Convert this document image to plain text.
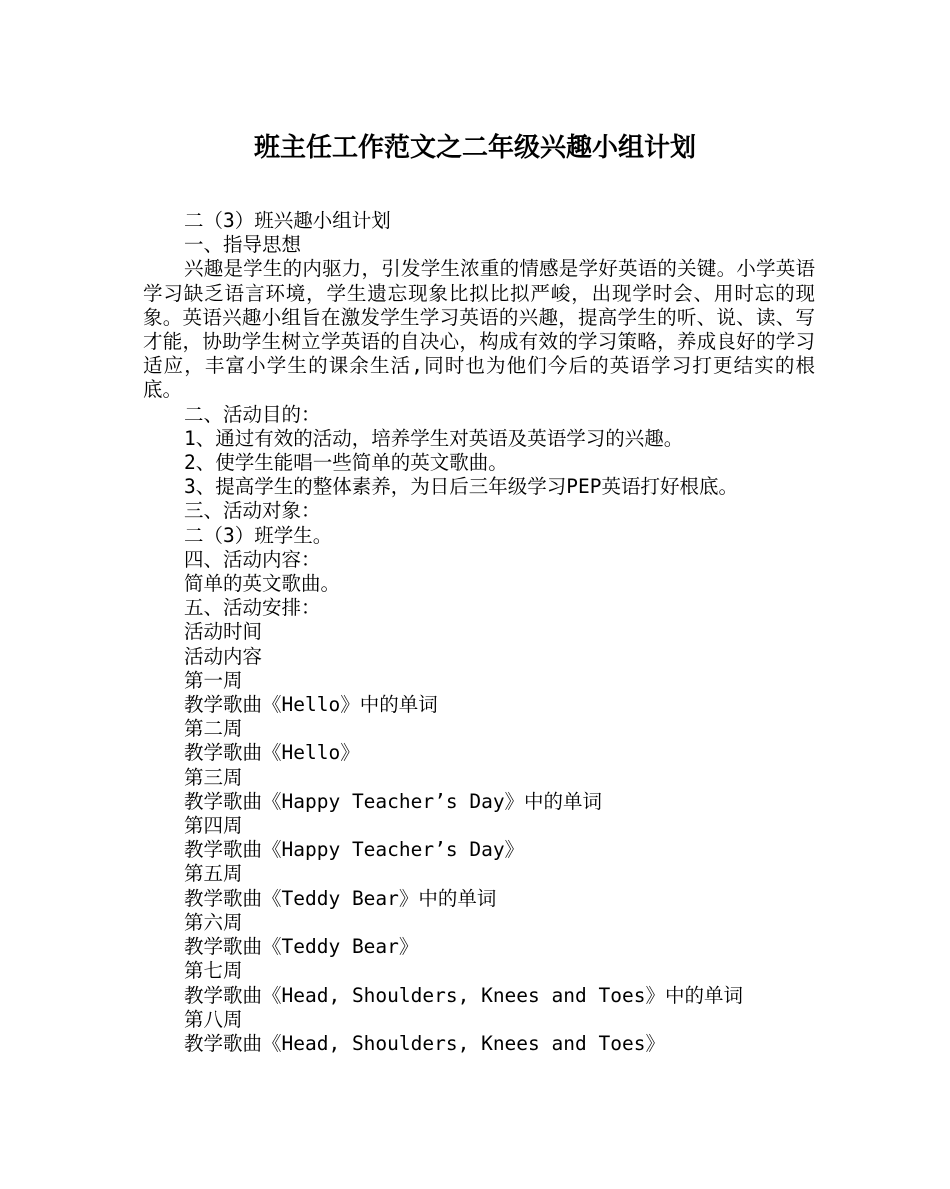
班主任工作范文之二年级兴趣小组计划

二（3）班兴趣小组计划

一、指导思想

兴趣是学生的内驱力，引发学生浓重的情感是学好英语的关键。小学英语学习缺乏语言环境，学生遗忘现象比拟比拟严峻，出现学时会、用时忘的现象。英语兴趣小组旨在激发学生学习英语的兴趣，提高学生的听、说、读、写才能，协助学生树立学英语的自决心，构成有效的学习策略，养成良好的学习适应，丰富小学生的课余生活,同时也为他们今后的英语学习打更结实的根底。

二、活动目的：

1、通过有效的活动，培养学生对英语及英语学习的兴趣。

2、使学生能唱一些简单的英文歌曲。

3、提高学生的整体素养，为日后三年级学习PEP英语打好根底。

三、活动对象：

二（3）班学生。

四、活动内容：

简单的英文歌曲。

五、活动安排：

活动时间

活动内容

第一周

教学歌曲《Hello》中的单词

第二周

教学歌曲《Hello》

第三周

教学歌曲《Happy Teacher’s Day》中的单词

第四周

教学歌曲《Happy Teacher’s Day》

第五周

教学歌曲《Teddy Bear》中的单词

第六周

教学歌曲《Teddy Bear》

第七周

教学歌曲《Head, Shoulders, Knees and Toes》中的单词

第八周

教学歌曲《Head, Shoulders, Knees and Toes》
